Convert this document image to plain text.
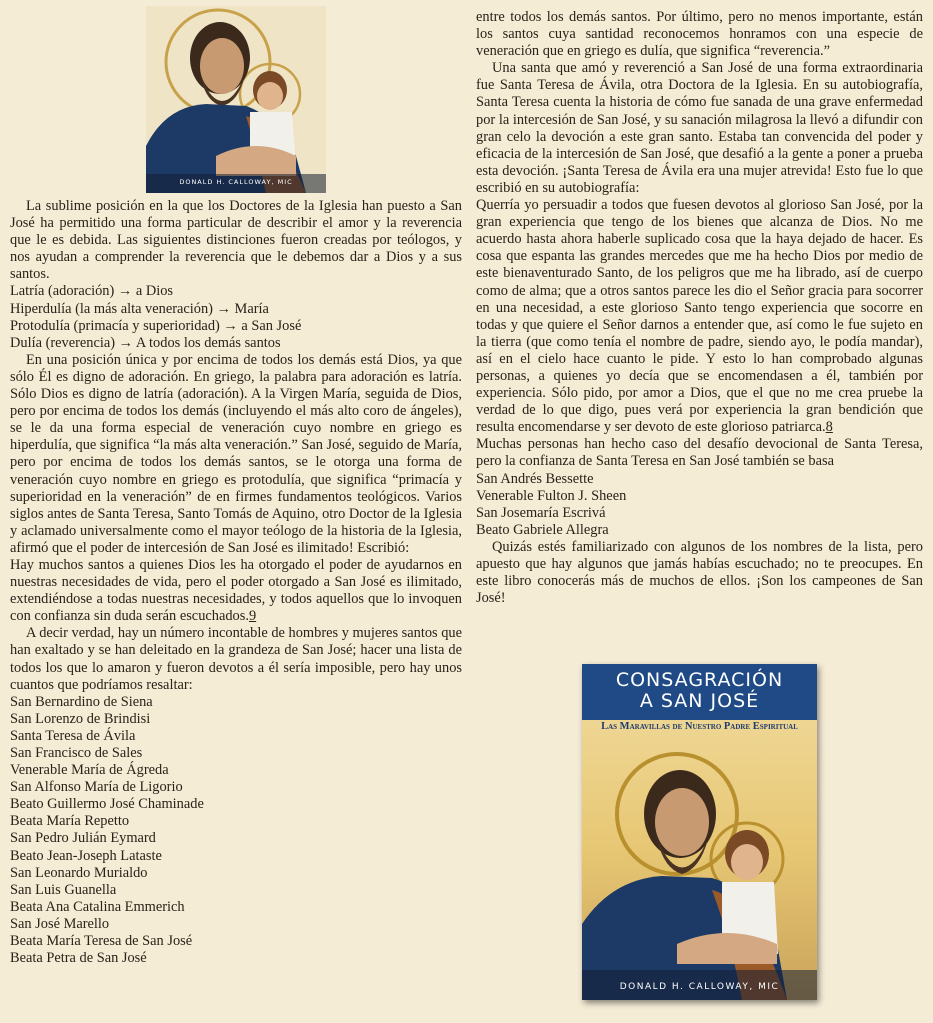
DONALD H. CALLOWAY, MIC

La sublime posición en la que los Doctores de la Iglesia han puesto a San José ha permitido una forma particular de describir el amor y la reverencia que le es debida. Las siguientes distinciones fueron creadas por teólogos, y nos ayudan a comprender la reverencia que le debemos dar a Dios y a sus santos.

Latría (adoración) → a Dios
Hiperdulía (la más alta veneración) → María
Protodulía (primacía y superioridad) → a San José
Dulía (reverencia) → A todos los demás santos

En una posición única y por encima de todos los demás está Dios, ya que sólo Él es digno de adoración. En griego, la palabra para adoración es latría. Sólo Dios es digno de latría (adoración). A la Virgen María, seguida de Dios, pero por encima de todos los demás (incluyendo el más alto coro de ángeles), se le da una forma especial de veneración cuyo nombre en griego es hiperdulía, que significa “la más alta veneración.” San José, seguido de María, pero por encima de todos los demás santos, se le otorga una forma de veneración cuyo nombre en griego es protodulía, que significa “primacía y superioridad en la veneración” de en firmes fundamentos teológicos. Varios siglos antes de Santa Teresa, Santo Tomás de Aquino, otro Doctor de la Iglesia y aclamado universalmente como el mayor teólogo de la historia de la Iglesia, afirmó que el poder de intercesión de San José es ilimitado! Escribió:

Hay muchos santos a quienes Dios les ha otorgado el poder de ayudarnos en nuestras necesidades de vida, pero el poder otorgado a San José es ilimitado, extendiéndose a todas nuestras necesidades, y todos aquellos que lo invoquen con confianza sin duda serán escuchados.9

A decir verdad, hay un número incontable de hombres y mujeres santos que han exaltado y se han deleitado en la grandeza de San José; hacer una lista de todos los que lo amaron y fueron devotos a él sería imposible, pero hay unos cuantos que podríamos resaltar:

San Bernardino de Siena
San Lorenzo de Brindisi
Santa Teresa de Ávila
San Francisco de Sales
Venerable María de Ágreda
San Alfonso María de Ligorio
Beato Guillermo José Chaminade
Beata María Repetto
San Pedro Julián Eymard
Beato Jean-Joseph Lataste
San Leonardo Murialdo
San Luis Guanella
Beata Ana Catalina Emmerich
San José Marello
Beata María Teresa de San José
Beata Petra de San José

entre todos los demás santos. Por último, pero no menos importante, están los santos cuya santidad reconocemos honramos con una especie de veneración que en griego es dulía, que significa “reverencia.”

Una santa que amó y reverenció a San José de una forma extraordinaria fue Santa Teresa de Ávila, otra Doctora de la Iglesia. En su autobiografía, Santa Teresa cuenta la historia de cómo fue sanada de una grave enfermedad por la intercesión de San José, y su sanación milagrosa la llevó a difundir con gran celo la devoción a este gran santo. Estaba tan convencida del poder y eficacia de la intercesión de San José, que desafió a la gente a poner a prueba esta devoción. ¡Santa Teresa de Ávila era una mujer atrevida! Esto fue lo que escribió en su autobiografía:

Querría yo persuadir a todos que fuesen devotos al glorioso San José, por la gran experiencia que tengo de los bienes que alcanza de Dios. No me acuerdo hasta ahora haberle suplicado cosa que la haya dejado de hacer. Es cosa que espanta las grandes mercedes que me ha hecho Dios por medio de este bienaventurado Santo, de los peligros que me ha librado, así de cuerpo como de alma; que a otros santos parece les dio el Señor gracia para socorrer en una necesidad, a este glorioso Santo tengo experiencia que socorre en todas y que quiere el Señor darnos a entender que, así como le fue sujeto en la tierra (que como tenía el nombre de padre, siendo ayo, le podía mandar), así en el cielo hace cuanto le pide. Y esto lo han comprobado algunas personas, a quienes yo decía que se encomendasen a él, también por experiencia. Sólo pido, por amor a Dios, que el que no me crea pruebe la verdad de lo que digo, pues verá por experiencia la gran bendición que resulta encomendarse y ser devoto de este glorioso patriarca.8

Muchas personas han hecho caso del desafío devocional de Santa Teresa, pero la confianza de Santa Teresa en San José también se basa

San Andrés Bessette
Venerable Fulton J. Sheen
San Josemaría Escrivá
Beato Gabriele Allegra

Quizás estés familiarizado con algunos de los nombres de la lista, pero apuesto que hay algunos que jamás habías escuchado; no te preocupes. En este libro conocerás más de muchos de ellos. ¡Son los campeones de San José!

CONSAGRACIÓN
A SAN JOSÉ

Las Maravillas de Nuestro Padre Espiritual
DONALD H. CALLOWAY, MIC
